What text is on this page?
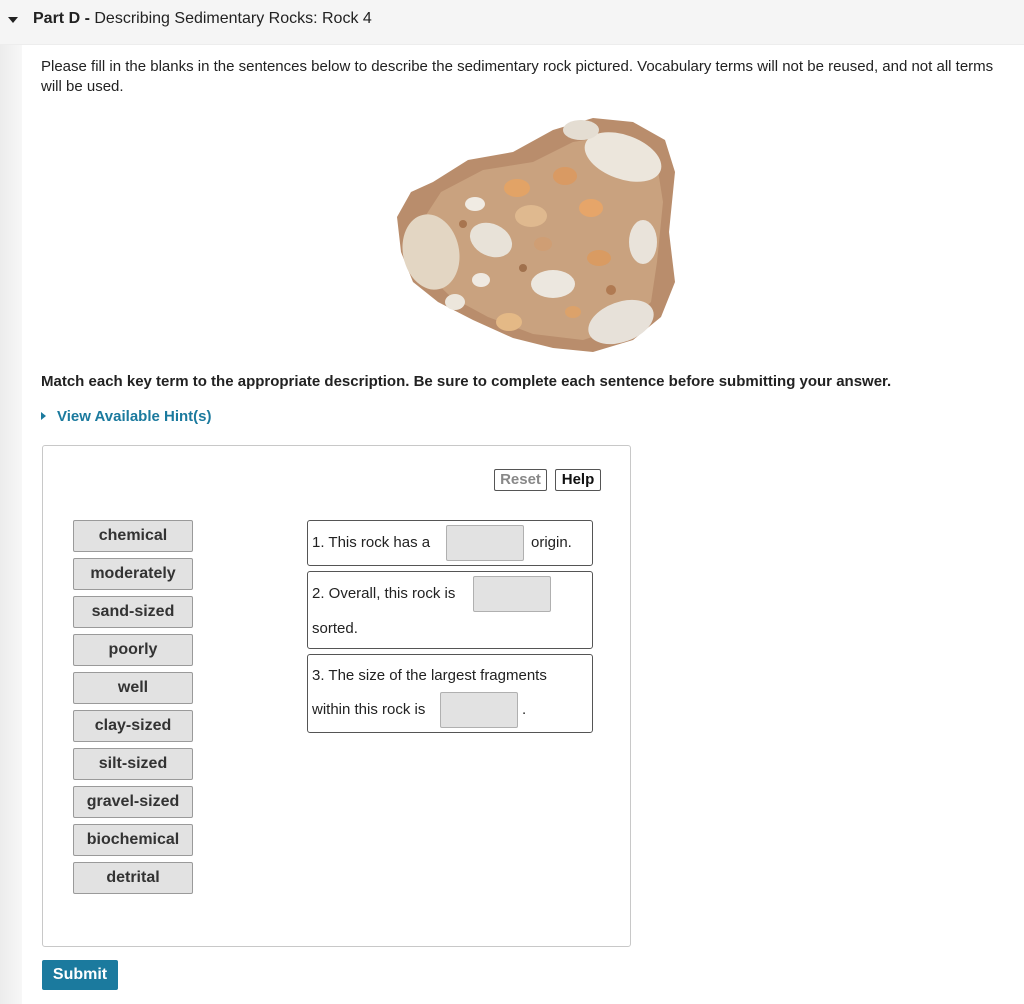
Part D - Describing Sedimentary Rocks: Rock 4
Please fill in the blanks in the sentences below to describe the sedimentary rock pictured. Vocabulary terms will not be reused, and not all terms will be used.
Match each key term to the appropriate description. Be sure to complete each sentence before submitting your answer.
View Available Hint(s)
Reset	Help
chemical
moderately
sand-sized
poorly
well
clay-sized
silt-sized
gravel-sized
biochemical
detrital
1. This rock has a	origin.
2. Overall, this rock is
sorted.
3. The size of the largest fragments
within this rock is	.
Submit
